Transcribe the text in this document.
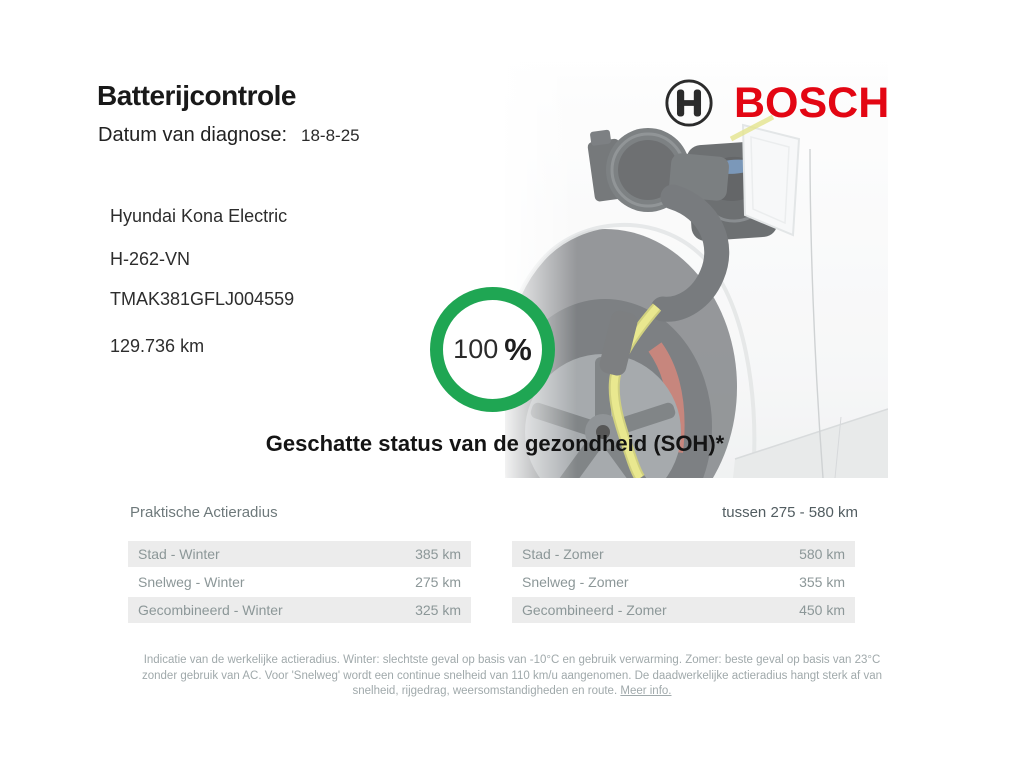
Batterijcontrole
Datum van diagnose: 18-8-25
BOSCH
Hyundai Kona Electric
H-262-VN
TMAK381GFLJ004559
129.736 km	100 %
Geschatte status van de gezondheid (SOH)*
Praktische Actieradius	tussen 275 - 580 km
Stad - Winter	385 km
Snelweg - Winter	275 km
Gecombineerd - Winter	325 km
Stad - Zomer	580 km
Snelweg - Zomer	355 km
Gecombineerd - Zomer	450 km
Indicatie van de werkelijke actieradius. Winter: slechtste geval op basis van -10°C en gebruik verwarming. Zomer: beste geval op basis van 23°C zonder gebruik van AC. Voor 'Snelweg' wordt een continue snelheid van 110 km/u aangenomen. De daadwerkelijke actieradius hangt sterk af van snelheid, rijgedrag, weersomstandigheden en route. Meer info.
